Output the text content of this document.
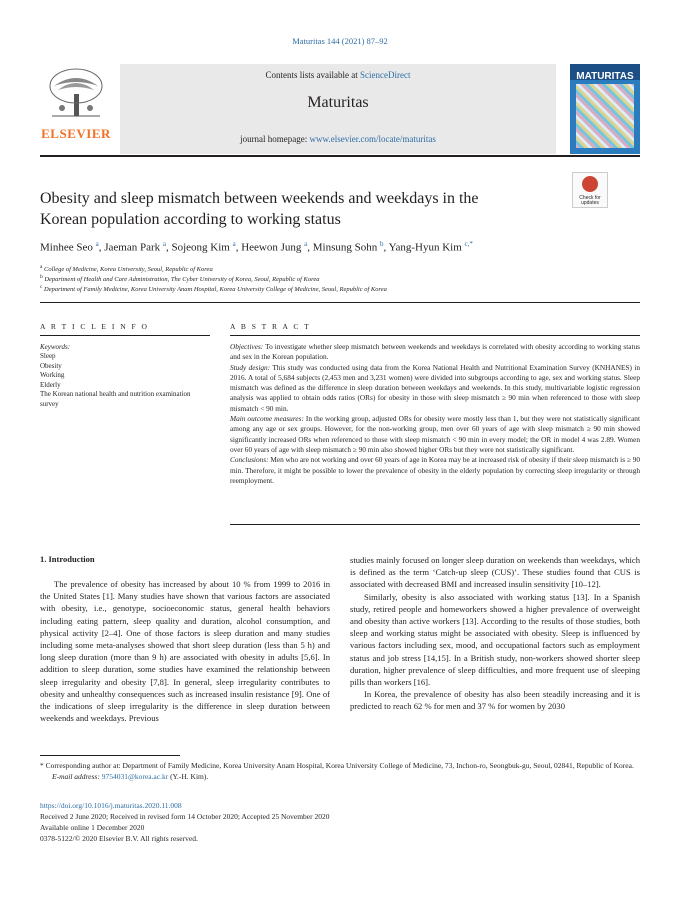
Maturitas 144 (2021) 87–92
ELSEVIER
Contents lists available at ScienceDirect
Maturitas
journal homepage: www.elsevier.com/locate/maturitas
MATURITAS
Obesity and sleep mismatch between weekends and weekdays in the
Korean population according to working status
Check for updates
Minhee Seo $^a$, Jaeman Park $^a$, Sojeong Kim $^a$, Heewon Jung $^a$, Minsung Sohn $^b$, Yang-Hyun Kim $^{c,*}$
$^a$ College of Medicine, Korea University, Seoul, Republic of Korea
$^b$ Department of Health and Care Administration, The Cyber University of Korea, Seoul, Republic of Korea
$^c$ Department of Family Medicine, Korea University Anam Hospital, Korea University College of Medicine, Seoul, Republic of Korea
A R T I C L E I N F O	A B S T R A C T
Keywords:
Sleep
Obesity
Working
Elderly
The Korean national health and nutrition examination survey
Objectives: To investigate whether sleep mismatch between weekends and weekdays is correlated with obesity according to working status and sex in the Korean population.
Study design: This study was conducted using data from the Korea National Health and Nutritional Examination Survey (KNHANES) in 2016. A total of 5,684 subjects (2,453 men and 3,231 women) were divided into subgroups according to age, sex and working status. Sleep mismatch was defined as the difference in sleep duration between weekdays and weekends. In this study, multivariable logistic regression analysis was applied to obtain odds ratios (ORs) for obesity in those with sleep mismatch ≥ 90 min when referenced to those with sleep mismatch < 90 min.
Main outcome measures: In the working group, adjusted ORs for obesity were mostly less than 1, but they were not statistically significant among any age or sex groups. However, for the non-working group, men over 60 years of age with sleep mismatch ≥ 90 min showed significantly increased ORs when referenced to those with sleep mismatch < 90 min in every model; the OR in model 4 was 2.89. Women over 60 years of age with sleep mismatch ≥ 90 min also showed higher ORs but they were not statistically significant.
Conclusions: Men who are not working and over 60 years of age in Korea may be at increased risk of obesity if their sleep mismatch is ≥ 90 min. Therefore, it might be possible to lower the prevalence of obesity in the elderly population by correcting sleep irregularity or through reemployment.
1. Introduction
The prevalence of obesity has increased by about 10 % from 1999 to 2016 in the United States [1]. Many studies have shown that various factors are associated with obesity, i.e., genotype, socioeconomic status, general health behaviors including eating pattern, sleep quality and duration, alcohol consumption, and physical activity [2–4]. One of those factors is sleep duration and many studies including some meta-analyses showed that short sleep duration (less than 5 h) and long sleep duration (more than 9 h) are associated with obesity in adults [5,6]. In addition to sleep duration, some studies have examined the relationship between sleep irregularity and obesity [7,8]. In general, sleep irregularity contributes to obesity and unhealthy consequences such as increased insulin resistance [9]. One of the indications of sleep irregularity is the difference in sleep duration between weekends and weekdays. Previous
studies mainly focused on longer sleep duration on weekends than weekdays, which is defined as the term ‘Catch-up sleep (CUS)’. These studies found that CUS is associated with decreased BMI and increased insulin sensitivity [10–12].
Similarly, obesity is also associated with working status [13]. In a Spanish study, retired people and homeworkers showed a higher prevalence of overweight and obesity than active workers [13]. According to the results of those studies, both sleep and working status might be associated with obesity. Sleep is influenced by various factors including sex, mood, and occupational factors such as employment status and job stress [14,15]. In a British study, non-workers showed shorter sleep duration, higher prevalence of sleep difficulties, and more frequent use of sleeping pills than workers [16].
In Korea, the prevalence of obesity has also been steadily increasing and it is predicted to reach 62 % for men and 37 % for women by 2030
* Corresponding author at: Department of Family Medicine, Korea University Anam Hospital, Korea University College of Medicine, 73, Inchon-ro, Seongbuk-gu, Seoul, 02841, Republic of Korea.
E-mail address: 9754031@korea.ac.kr (Y.-H. Kim).
https://doi.org/10.1016/j.maturitas.2020.11.008
Received 2 June 2020; Received in revised form 14 October 2020; Accepted 25 November 2020
Available online 1 December 2020
0378-5122/© 2020 Elsevier B.V. All rights reserved.
